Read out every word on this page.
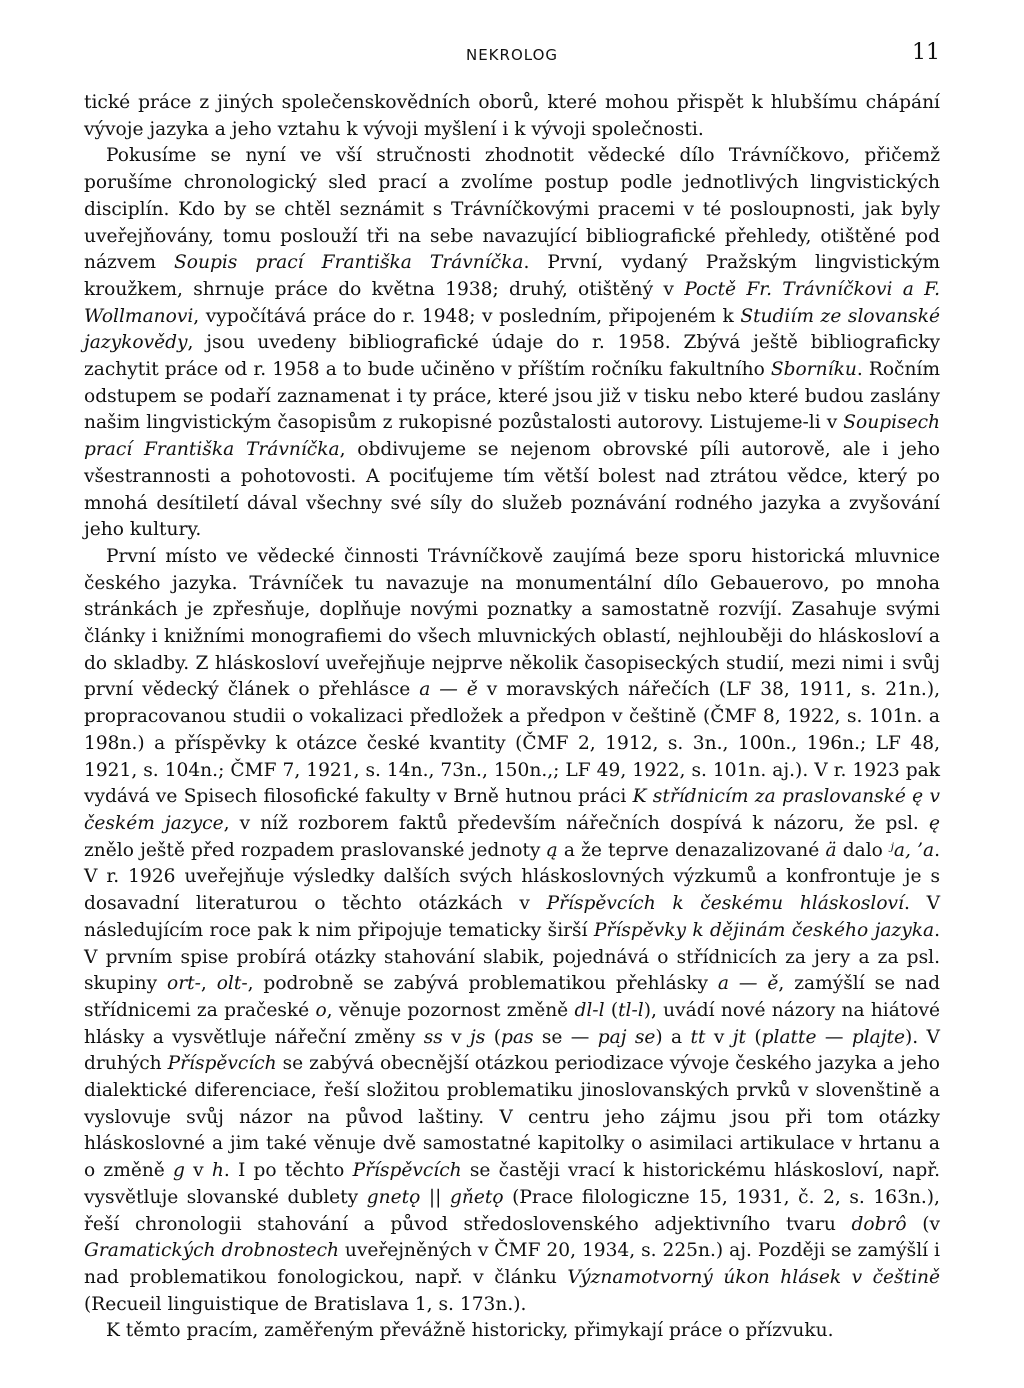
NEKROLOG	11

tické práce z jiných společenskovědních oborů, které mohou přispět k hlubšímu chápání vývoje jazyka a jeho vztahu k vývoji myšlení i k vývoji společnosti.

Pokusíme se nyní ve vší stručnosti zhodnotit vědecké dílo Trávníčkovo, přičemž porušíme chronologický sled prací a zvolíme postup podle jednotlivých lingvistických disciplín. Kdo by se chtěl seznámit s Trávníčkovými pracemi v té posloupnosti, jak byly uveřejňovány, tomu poslouží tři na sebe navazující bibliografické přehledy, otištěné pod názvem Soupis prací Františka Trávníčka. První, vydaný Pražským lingvistickým kroužkem, shrnuje práce do května 1938; druhý, otištěný v Poctě Fr. Trávníčkovi a F. Wollmanovi, vypočítává práce do r. 1948; v posledním, připojeném k Studiím ze slovanské jazykovědy, jsou uvedeny bibliografické údaje do r. 1958. Zbývá ještě bibliograficky zachytit práce od r. 1958 a to bude učiněno v příštím ročníku fakultního Sborníku. Ročním odstupem se podaří zaznamenat i ty práce, které jsou již v tisku nebo které budou zaslány našim lingvistickým časopisům z rukopisné pozůstalosti autorovy. Listujeme-li v Soupisech prací Františka Trávníčka, obdivujeme se nejenom obrovské píli autorově, ale i jeho všestrannosti a pohotovosti. A pociťujeme tím větší bolest nad ztrátou vědce, který po mnohá desítiletí dával všechny své síly do služeb poznávání rodného jazyka a zvyšování jeho kultury.

První místo ve vědecké činnosti Trávníčkově zaujímá beze sporu historická mluvnice českého jazyka. Trávníček tu navazuje na monumentální dílo Gebauerovo, po mnoha stránkách je zpřesňuje, doplňuje novými poznatky a samostatně rozvíjí. Zasahuje svými články i knižními monografiemi do všech mluvnických oblastí, nejhlouběji do hláskosloví a do skladby. Z hláskosloví uveřejňuje nejprve několik časopiseckých studií, mezi nimi i svůj první vědecký článek o přehlásce a — ě v moravských nářečích (LF 38, 1911, s. 21n.), propracovanou studii o vokalizaci předložek a předpon v češtině (ČMF 8, 1922, s. 101n. a 198n.) a příspěvky k otázce české kvantity (ČMF 2, 1912, s. 3n., 100n., 196n.; LF 48, 1921, s. 104n.; ČMF 7, 1921, s. 14n., 73n., 150n.,; LF 49, 1922, s. 101n. aj.). V r. 1923 pak vydává ve Spisech filosofické fakulty v Brně hutnou práci K střídnicím za praslovanské ę v českém jazyce, v níž rozborem faktů především nářečních dospívá k názoru, že psl. ę znělo ještě před rozpadem praslovanské jednoty ą a že teprve denazalizované ä dalo ʲa, ’a. V r. 1926 uveřejňuje výsledky dalších svých hláskoslovných výzkumů a konfrontuje je s dosavadní literaturou o těchto otázkách v Příspěvcích k českému hláskosloví. V následujícím roce pak k nim připojuje tematicky širší Příspěvky k dějinám českého jazyka. V prvním spise probírá otázky stahování slabik, pojednává o střídnicích za jery a za psl. skupiny ort-, olt-, podrobně se zabývá problematikou přehlásky a — ě, zamýšlí se nad střídnicemi za pračeské o, věnuje pozornost změně dl-l (tl-l), uvádí nové názory na hiátové hlásky a vysvětluje nářeční změny ss v js (pas se — paj se) a tt v jt (platte — plajte). V druhých Příspěvcích se zabývá obecnější otázkou periodizace vývoje českého jazyka a jeho dialektické diferenciace, řeší složitou problematiku jinoslovanských prvků v slovenštině a vyslovuje svůj názor na původ laštiny. V centru jeho zájmu jsou při tom otázky hláskoslovné a jim také věnuje dvě samostatné kapitolky o asimilaci artikulace v hrtanu a o změně g v h. I po těchto Příspěvcích se častěji vrací k historickému hláskosloví, např. vysvětluje slovanské dublety gnetǫ || gňetǫ (Prace filologiczne 15, 1931, č. 2, s. 163n.), řeší chronologii stahování a původ středoslovenského adjektivního tvaru dobrô (v Gramatických drobnostech uveřejněných v ČMF 20, 1934, s. 225n.) aj. Později se zamýšlí i nad problematikou fonologickou, např. v článku Významotvorný úkon hlásek v češtině (Recueil linguistique de Bratislava 1, s. 173n.).

K těmto pracím, zaměřeným převážně historicky, přimykají práce o přízvuku.
